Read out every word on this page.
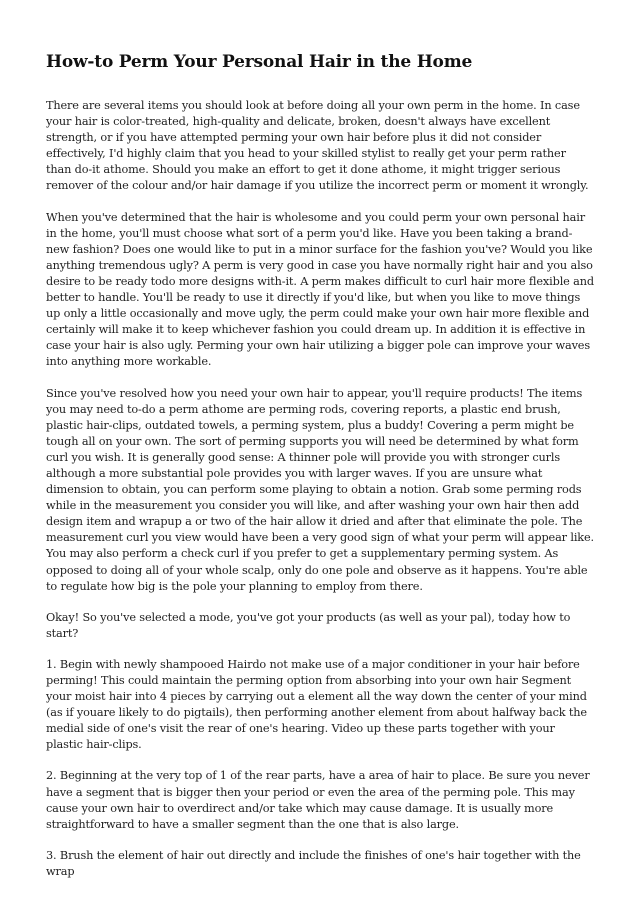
How-to Perm Your Personal Hair in the Home

There are several items you should look at before doing all your own perm in the home. In case your hair is color-treated, high-quality and delicate, broken, doesn't always have excellent strength, or if you have attempted perming your own hair before plus it did not consider effectively, I'd highly claim that you head to your skilled stylist to really get your perm rather than do-it athome. Should you make an effort to get it done athome, it might trigger serious remover of the colour and/or hair damage if you utilize the incorrect perm or moment it wrongly.

When you've determined that the hair is wholesome and you could perm your own personal hair in the home, you'll must choose what sort of a perm you'd like. Have you been taking a brand-new fashion? Does one would like to put in a minor surface for the fashion you've? Would you like anything tremendous ugly? A perm is very good in case you have normally right hair and you also desire to be ready todo more designs with-it. A perm makes difficult to curl hair more flexible and better to handle. You'll be ready to use it directly if you'd like, but when you like to move things up only a little occasionally and move ugly, the perm could make your own hair more flexible and certainly will make it to keep whichever fashion you could dream up. In addition it is effective in case your hair is also ugly. Perming your own hair utilizing a bigger pole can improve your waves into anything more workable.

Since you've resolved how you need your own hair to appear, you'll require products! The items you may need to-do a perm athome are perming rods, covering reports, a plastic end brush, plastic hair-clips, outdated towels, a perming system, plus a buddy! Covering a perm might be tough all on your own. The sort of perming supports you will need be determined by what form curl you wish. It is generally good sense: A thinner pole will provide you with stronger curls although a more substantial pole provides you with larger waves. If you are unsure what dimension to obtain, you can perform some playing to obtain a notion. Grab some perming rods while in the measurement you consider you will like, and after washing your own hair then add design item and wrapup a or two of the hair allow it dried and after that eliminate the pole. The measurement curl you view would have been a very good sign of what your perm will appear like. You may also perform a check curl if you prefer to get a supplementary perming system. As opposed to doing all of your whole scalp, only do one pole and observe as it happens. You're able to regulate how big is the pole your planning to employ from there.

Okay! So you've selected a mode, you've got your products (as well as your pal), today how to start?

1. Begin with newly shampooed Hairdo not make use of a major conditioner in your hair before perming! This could maintain the perming option from absorbing into your own hair Segment your moist hair into 4 pieces by carrying out a element all the way down the center of your mind (as if youare likely to do pigtails), then performing another element from about halfway back the medial side of one's visit the rear of one's hearing. Video up these parts together with your plastic hair-clips.

2. Beginning at the very top of 1 of the rear parts, have a area of hair to place. Be sure you never have a segment that is bigger then your period or even the area of the perming pole. This may cause your own hair to overdirect and/or take which may cause damage. It is usually more straightforward to have a smaller segment than the one that is also large.

3. Brush the element of hair out directly and include the finishes of one's hair together with the wrap
